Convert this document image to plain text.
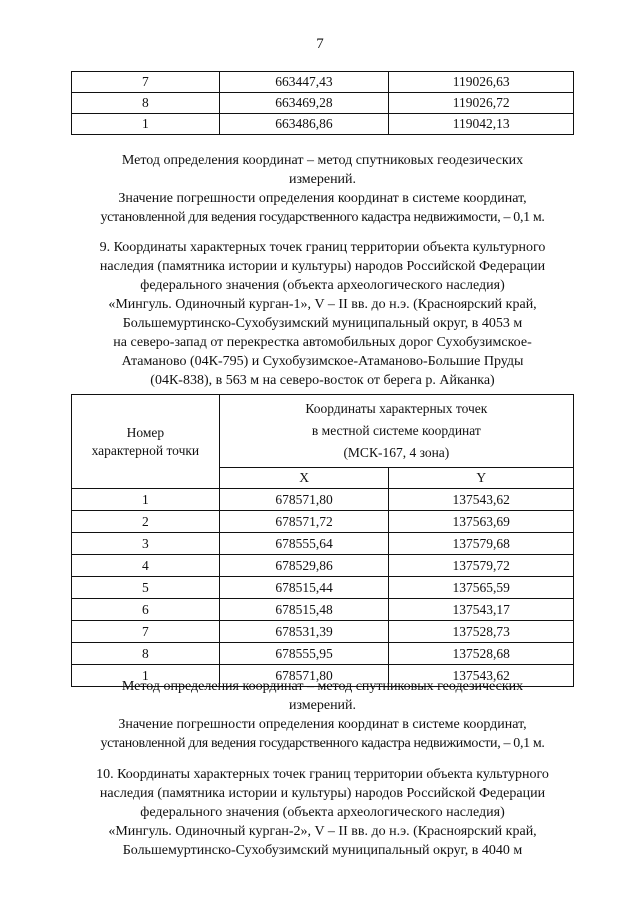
7
7	663447,43	119026,63
8	663469,28	119026,72
1	663486,86	119042,13
Метод определения координат – метод спутниковых геодезических
измерений.
Значение погрешности определения координат в системе координат,
установленной для ведения государственного кадастра недвижимости, – 0,1 м.
9. Координаты характерных точек границ территории объекта культурного
наследия (памятника истории и культуры) народов Российской Федерации
федерального значения (объекта археологического наследия)
«Мингуль. Одиночный курган-1», V – II вв. до н.э. (Красноярский край,
Большемуртинско-Сухобузимский муниципальный округ, в 4053 м
на северо-запад от перекрестка автомобильных дорог Сухобузимское-
Атаманово (04К-795) и Сухобузимское-Атаманово-Большие Пруды
(04К-838), в 563 м на северо-восток от берега р. Айканка)
Номер
характерной точки	Координаты характерных точек
в местной системе координат
(МСК-167, 4 зона)	

	X	Y
1	678571,80	137543,62
2	678571,72	137563,69
3	678555,64	137579,68
4	678529,86	137579,72
5	678515,44	137565,59
6	678515,48	137543,17
7	678531,39	137528,73
8	678555,95	137528,68
1	678571,80	137543,62
Метод определения координат – метод спутниковых геодезических
измерений.
Значение погрешности определения координат в системе координат,
установленной для ведения государственного кадастра недвижимости, – 0,1 м.
10. Координаты характерных точек границ территории объекта культурного
наследия (памятника истории и культуры) народов Российской Федерации
федерального значения (объекта археологического наследия)
«Мингуль. Одиночный курган-2», V – II вв. до н.э. (Красноярский край,
Большемуртинско-Сухобузимский муниципальный округ, в 4040 м
